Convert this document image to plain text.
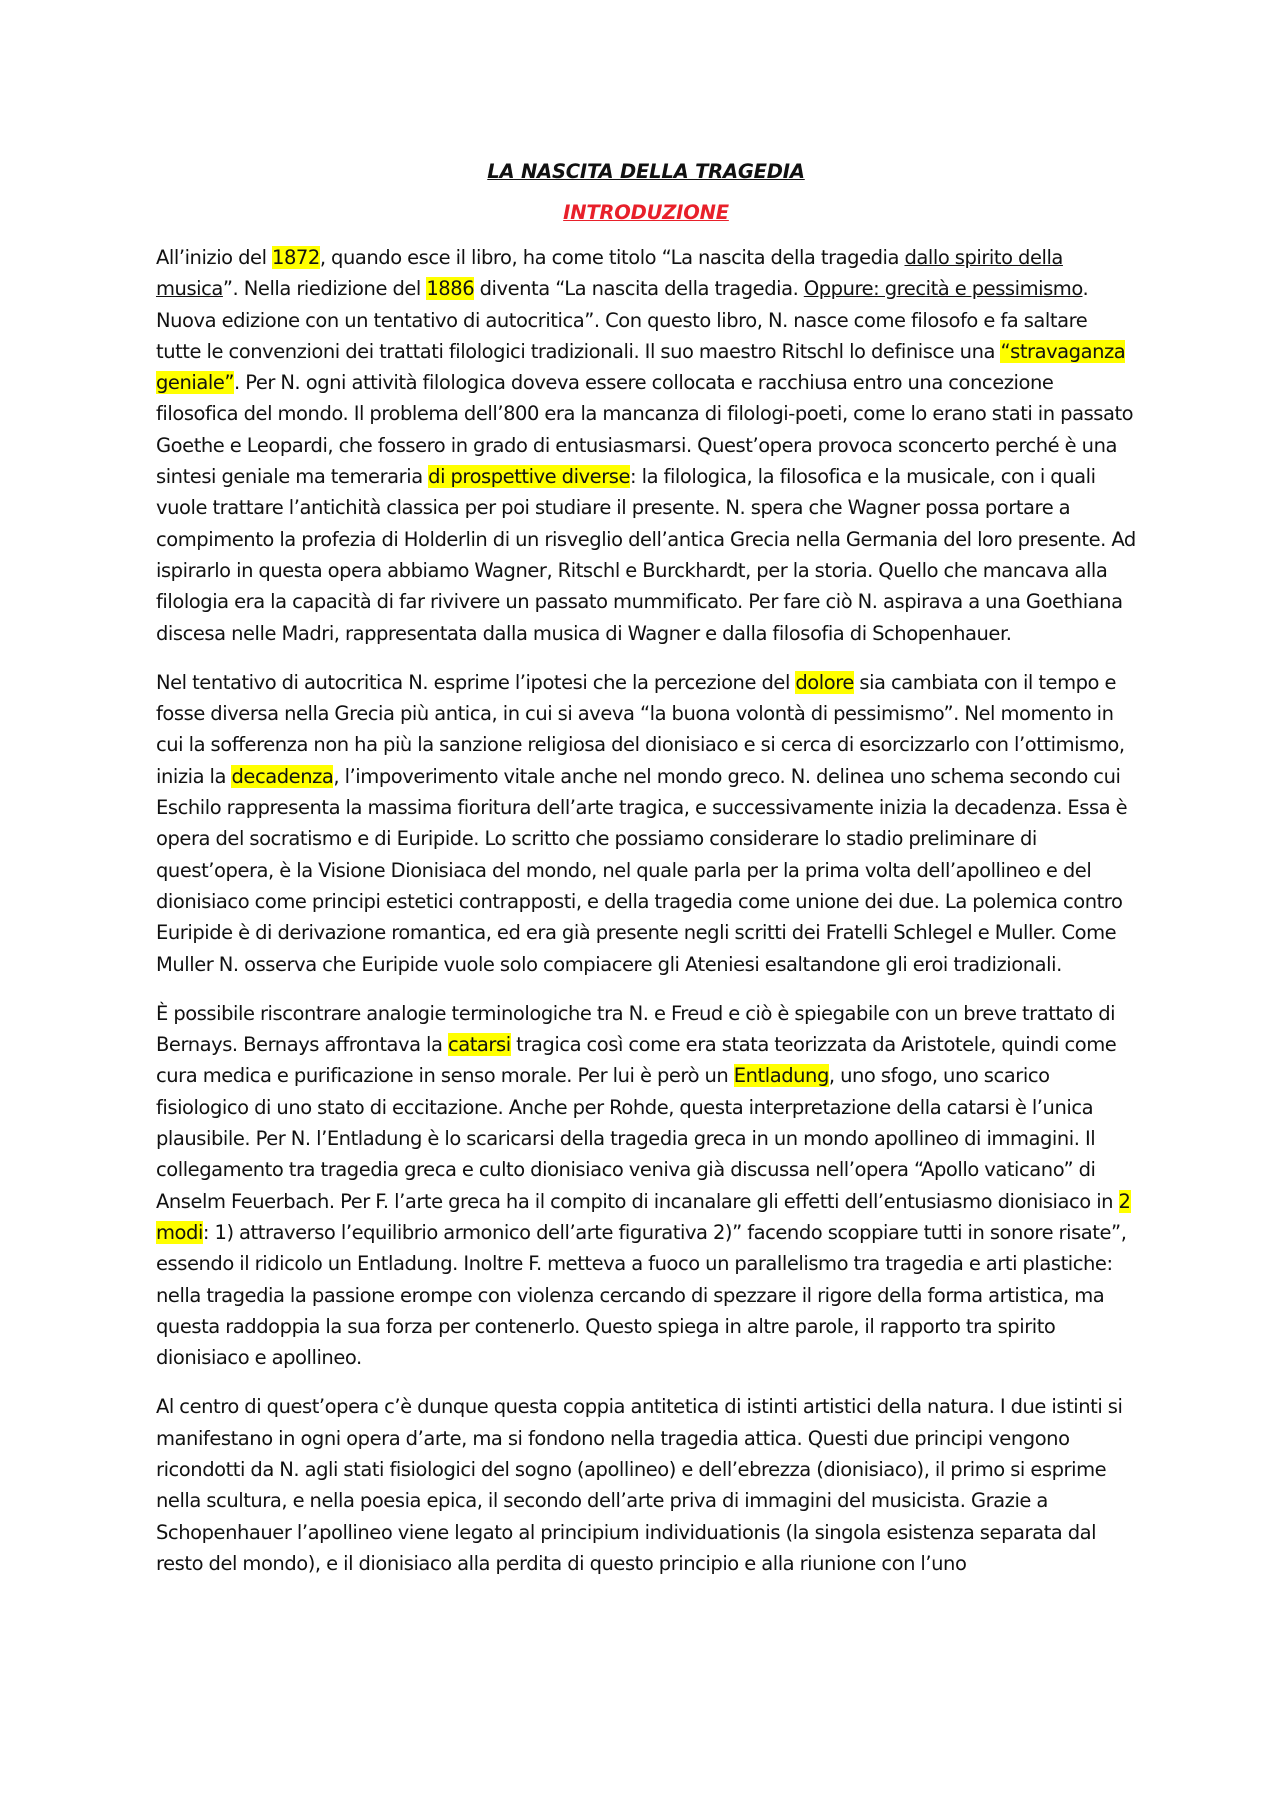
LA NASCITA DELLA TRAGEDIA
INTRODUZIONE

All’inizio del 1872, quando esce il libro, ha come titolo “La nascita della tragedia dallo spirito della musica”. Nella riedizione del 1886 diventa “La nascita della tragedia. Oppure: grecità e pessimismo. Nuova edizione con un tentativo di autocritica”. Con questo libro, N. nasce come filosofo e fa saltare tutte le convenzioni dei trattati filologici tradizionali. Il suo maestro Ritschl lo definisce una “stravaganza geniale”. Per N. ogni attività filologica doveva essere collocata e racchiusa entro una concezione filosofica del mondo. Il problema dell’800 era la mancanza di filologi-poeti, come lo erano stati in passato Goethe e Leopardi, che fossero in grado di entusiasmarsi. Quest’opera provoca sconcerto perché è una sintesi geniale ma temeraria di prospettive diverse: la filologica, la filosofica e la musicale, con i quali vuole trattare l’antichità classica per poi studiare il presente. N. spera che Wagner possa portare a compimento la profezia di Holderlin di un risveglio dell’antica Grecia nella Germania del loro presente. Ad ispirarlo in questa opera abbiamo Wagner, Ritschl e Burckhardt, per la storia. Quello che mancava alla filologia era la capacità di far rivivere un passato mummificato. Per fare ciò N. aspirava a una Goethiana discesa nelle Madri, rappresentata dalla musica di Wagner e dalla filosofia di Schopenhauer.

Nel tentativo di autocritica N. esprime l’ipotesi che la percezione del dolore sia cambiata con il tempo e fosse diversa nella Grecia più antica, in cui si aveva “la buona volontà di pessimismo”. Nel momento in cui la sofferenza non ha più la sanzione religiosa del dionisiaco e si cerca di esorcizzarlo con l’ottimismo, inizia la decadenza, l’impoverimento vitale anche nel mondo greco. N. delinea uno schema secondo cui Eschilo rappresenta la massima fioritura dell’arte tragica, e successivamente inizia la decadenza. Essa è opera del socratismo e di Euripide. Lo scritto che possiamo considerare lo stadio preliminare di quest’opera, è la Visione Dionisiaca del mondo, nel quale parla per la prima volta dell’apollineo e del dionisiaco come principi estetici contrapposti, e della tragedia come unione dei due. La polemica contro Euripide è di derivazione romantica, ed era già presente negli scritti dei Fratelli Schlegel e Muller. Come Muller N. osserva che Euripide vuole solo compiacere gli Ateniesi esaltandone gli eroi tradizionali.

È possibile riscontrare analogie terminologiche tra N. e Freud e ciò è spiegabile con un breve trattato di Bernays. Bernays affrontava la catarsi tragica così come era stata teorizzata da Aristotele, quindi come cura medica e purificazione in senso morale. Per lui è però un Entladung, uno sfogo, uno scarico fisiologico di uno stato di eccitazione. Anche per Rohde, questa interpretazione della catarsi è l’unica plausibile. Per N. l’Entladung è lo scaricarsi della tragedia greca in un mondo apollineo di immagini. Il collegamento tra tragedia greca e culto dionisiaco veniva già discussa nell’opera “Apollo vaticano” di Anselm Feuerbach. Per F. l’arte greca ha il compito di incanalare gli effetti dell’entusiasmo dionisiaco in 2 modi: 1) attraverso l’equilibrio armonico dell’arte figurativa 2)” facendo scoppiare tutti in sonore risate”, essendo il ridicolo un Entladung. Inoltre F. metteva a fuoco un parallelismo tra tragedia e arti plastiche: nella tragedia la passione erompe con violenza cercando di spezzare il rigore della forma artistica, ma questa raddoppia la sua forza per contenerlo. Questo spiega in altre parole, il rapporto tra spirito dionisiaco e apollineo.

Al centro di quest’opera c’è dunque questa coppia antitetica di istinti artistici della natura. I due istinti si manifestano in ogni opera d’arte, ma si fondono nella tragedia attica. Questi due principi vengono ricondotti da N. agli stati fisiologici del sogno (apollineo) e dell’ebrezza (dionisiaco), il primo si esprime nella scultura, e nella poesia epica, il secondo dell’arte priva di immagini del musicista. Grazie a Schopenhauer l’apollineo viene legato al principium individuationis (la singola esistenza separata dal resto del mondo), e il dionisiaco alla perdita di questo principio e alla riunione con l’uno
